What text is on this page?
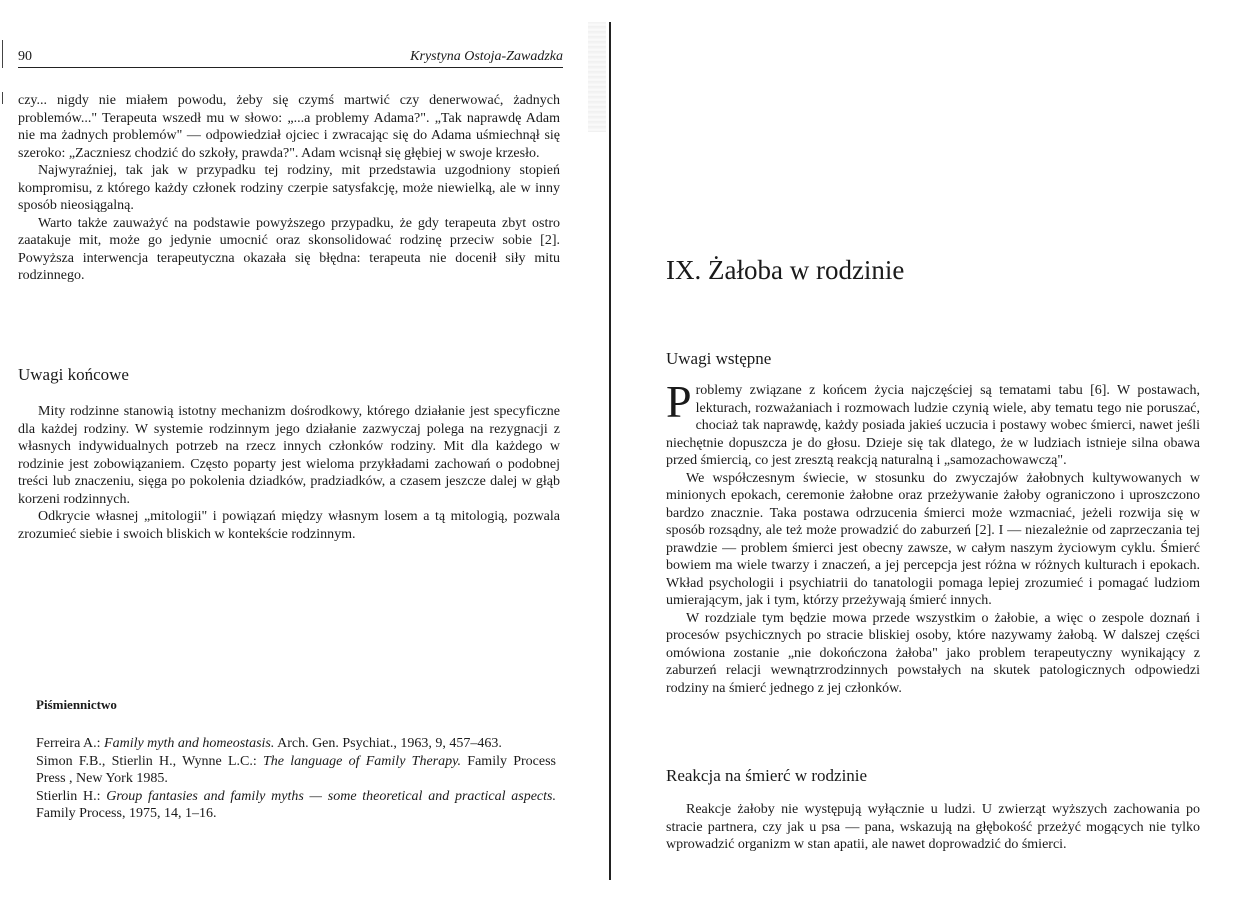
90	Krystyna Ostoja-Zawadzka

czy... nigdy nie miałem powodu, żeby się czymś martwić czy denerwować, żadnych problemów..." Terapeuta wszedł mu w słowo: „...a problemy Adama?". „Tak naprawdę Adam nie ma żadnych problemów" — odpowiedział ojciec i zwracając się do Adama uśmiechnął się szeroko: „Zaczniesz chodzić do szkoły, prawda?". Adam wcisnął się głębiej w swoje krzesło.

Najwyraźniej, tak jak w przypadku tej rodziny, mit przedstawia uzgodniony stopień kompromisu, z którego każdy członek rodziny czerpie satysfakcję, może niewielką, ale w inny sposób nieosiągalną.

Warto także zauważyć na podstawie powyższego przypadku, że gdy terapeuta zbyt ostro zaatakuje mit, może go jedynie umocnić oraz skonsolidować rodzinę przeciw sobie [2]. Powyższa interwencja terapeutyczna okazała się błędna: terapeuta nie docenił siły mitu rodzinnego.

Uwagi końcowe

Mity rodzinne stanowią istotny mechanizm dośrodkowy, którego działanie jest specyficzne dla każdej rodziny. W systemie rodzinnym jego działanie zazwyczaj polega na rezygnacji z własnych indywidualnych potrzeb na rzecz innych członków rodziny. Mit dla każdego w rodzinie jest zobowiązaniem. Często poparty jest wieloma przykładami zachowań o podobnej treści lub znaczeniu, sięga po pokolenia dziadków, pradziadków, a czasem jeszcze dalej w głąb korzeni rodzinnych.

Odkrycie własnej „mitologii" i powiązań między własnym losem a tą mitologią, pozwala zrozumieć siebie i swoich bliskich w kontekście rodzinnym.

Piśmiennictwo

Ferreira A.: Family myth and homeostasis. Arch. Gen. Psychiat., 1963, 9, 457–463.

Simon F.B., Stierlin H., Wynne L.C.: The language of Family Therapy. Family Process Press , New York 1985.

Stierlin H.: Group fantasies and family myths — some theoretical and practical aspects. Family Process, 1975, 14, 1–16.

IX. Żałoba w rodzinie
Uwagi wstępne

Problemy związane z końcem życia najczęściej są tematami tabu [6]. W postawach, lekturach, rozważaniach i rozmowach ludzie czynią wiele, aby tematu tego nie poruszać, chociaż tak naprawdę, każdy posiada jakieś uczucia i postawy wobec śmierci, nawet jeśli niechętnie dopuszcza je do głosu. Dzieje się tak dlatego, że w ludziach istnieje silna obawa przed śmiercią, co jest zresztą reakcją naturalną i „samozachowawczą".

We współczesnym świecie, w stosunku do zwyczajów żałobnych kultywowanych w minionych epokach, ceremonie żałobne oraz przeżywanie żałoby ograniczono i uproszczono bardzo znacznie. Taka postawa odrzucenia śmierci może wzmacniać, jeżeli rozwija się w sposób rozsądny, ale też może prowadzić do zaburzeń [2]. I — niezależnie od zaprzeczania tej prawdzie — problem śmierci jest obecny zawsze, w całym naszym życiowym cyklu. Śmierć bowiem ma wiele twarzy i znaczeń, a jej percepcja jest różna w różnych kulturach i epokach. Wkład psychologii i psychiatrii do tanatologii pomaga lepiej zrozumieć i pomagać ludziom umierającym, jak i tym, którzy przeżywają śmierć innych.

W rozdziale tym będzie mowa przede wszystkim o żałobie, a więc o zespole doznań i procesów psychicznych po stracie bliskiej osoby, które nazywamy żałobą. W dalszej części omówiona zostanie „nie dokończona żałoba" jako problem terapeutyczny wynikający z zaburzeń relacji wewnątrzrodzinnych powstałych na skutek patologicznych odpowiedzi rodziny na śmierć jednego z jej członków.

Reakcja na śmierć w rodzinie

Reakcje żałoby nie występują wyłącznie u ludzi. U zwierząt wyższych zachowania po stracie partnera, czy jak u psa — pana, wskazują na głębokość przeżyć mogących nie tylko wprowadzić organizm w stan apatii, ale nawet doprowadzić do śmierci.
